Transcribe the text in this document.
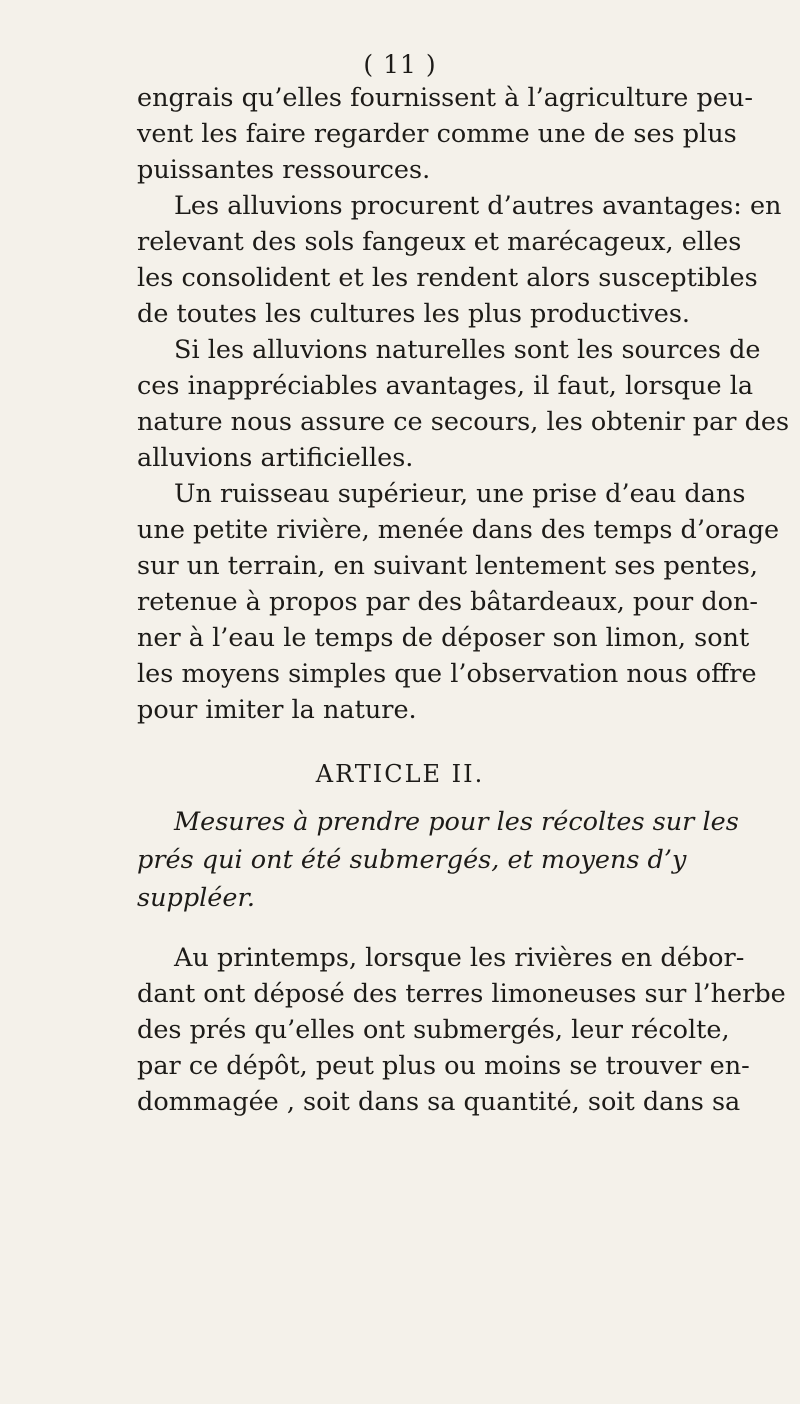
( 11 )
engrais qu’elles fournissent à l’agriculture peu-
vent les faire regarder comme une de ses plus
puissantes ressources.
Les alluvions procurent d’autres avantages: en
relevant des sols fangeux et marécageux, elles
les consolident et les rendent alors susceptibles
de toutes les cultures les plus productives.
Si les alluvions naturelles sont les sources de
ces inappréciables avantages, il faut, lorsque la
nature nous assure ce secours, les obtenir par des
alluvions artificielles.
Un ruisseau supérieur, une prise d’eau dans
une petite rivière, menée dans des temps d’orage
sur un terrain, en suivant lentement ses pentes,
retenue à propos par des bâtardeaux, pour don-
ner à l’eau le temps de déposer son limon, sont
les moyens simples que l’observation nous offre
pour imiter la nature.
ARTICLE II.
Mesures à prendre pour les récoltes sur les
prés qui ont été submergés, et moyens d’y
suppléer.
Au printemps, lorsque les rivières en débor-
dant ont déposé des terres limoneuses sur l’herbe
des prés qu’elles ont submergés, leur récolte,
par ce dépôt, peut plus ou moins se trouver en-
dommagée , soit dans sa quantité, soit dans sa
